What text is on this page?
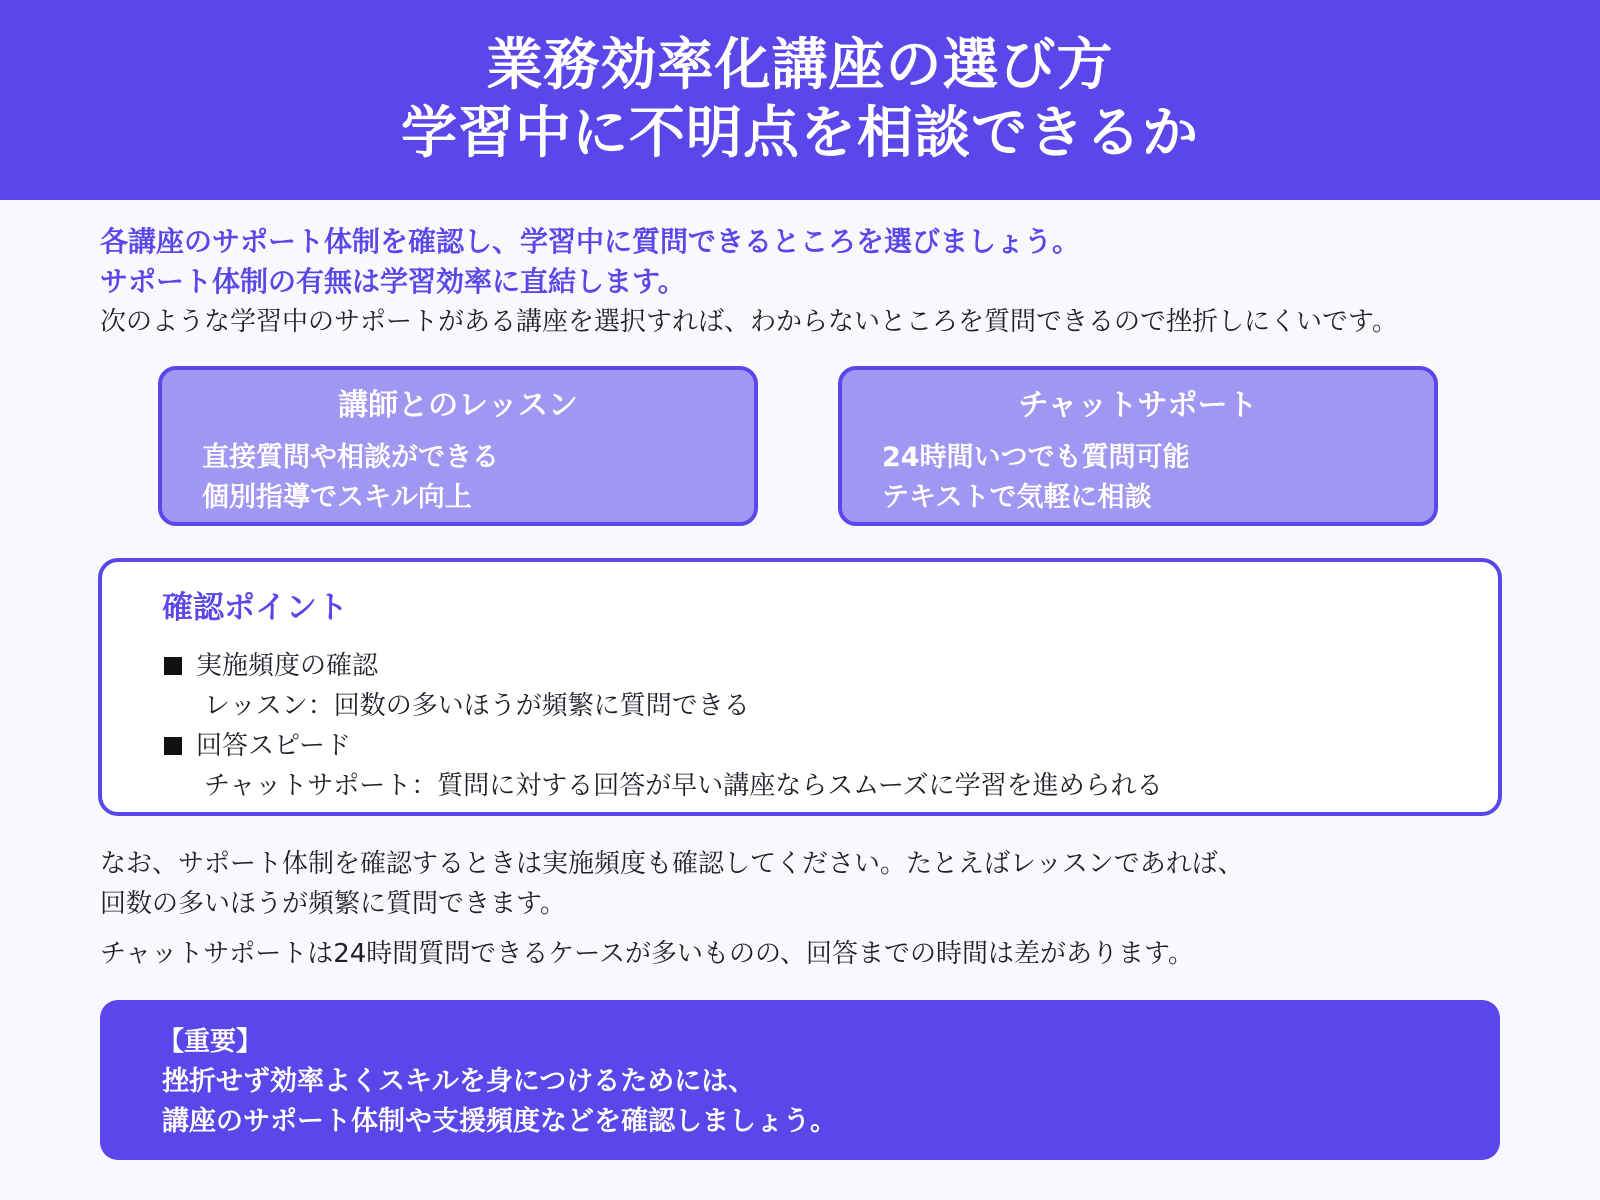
業務効率化講座の選び方
学習中に不明点を相談できるか
各講座のサポート体制を確認し、学習中に質問できるところを選びましょう。
サポート体制の有無は学習効率に直結します。
次のような学習中のサポートがある講座を選択すれば、わからないところを質問できるので挫折しにくいです。
講師とのレッスン
直接質問や相談ができる
個別指導でスキル向上
チャットサポート
24時間いつでも質問可能
テキストで気軽に相談
確認ポイント
実施頻度の確認
レッスン：回数の多いほうが頻繁に質問できる
回答スピード
チャットサポート：質問に対する回答が早い講座ならスムーズに学習を進められる
なお、サポート体制を確認するときは実施頻度も確認してください。たとえばレッスンであれば、
回数の多いほうが頻繁に質問できます。
チャットサポートは24時間質問できるケースが多いものの、回答までの時間は差があります。
【重要】
挫折せず効率よくスキルを身につけるためには、
講座のサポート体制や支援頻度などを確認しましょう。
